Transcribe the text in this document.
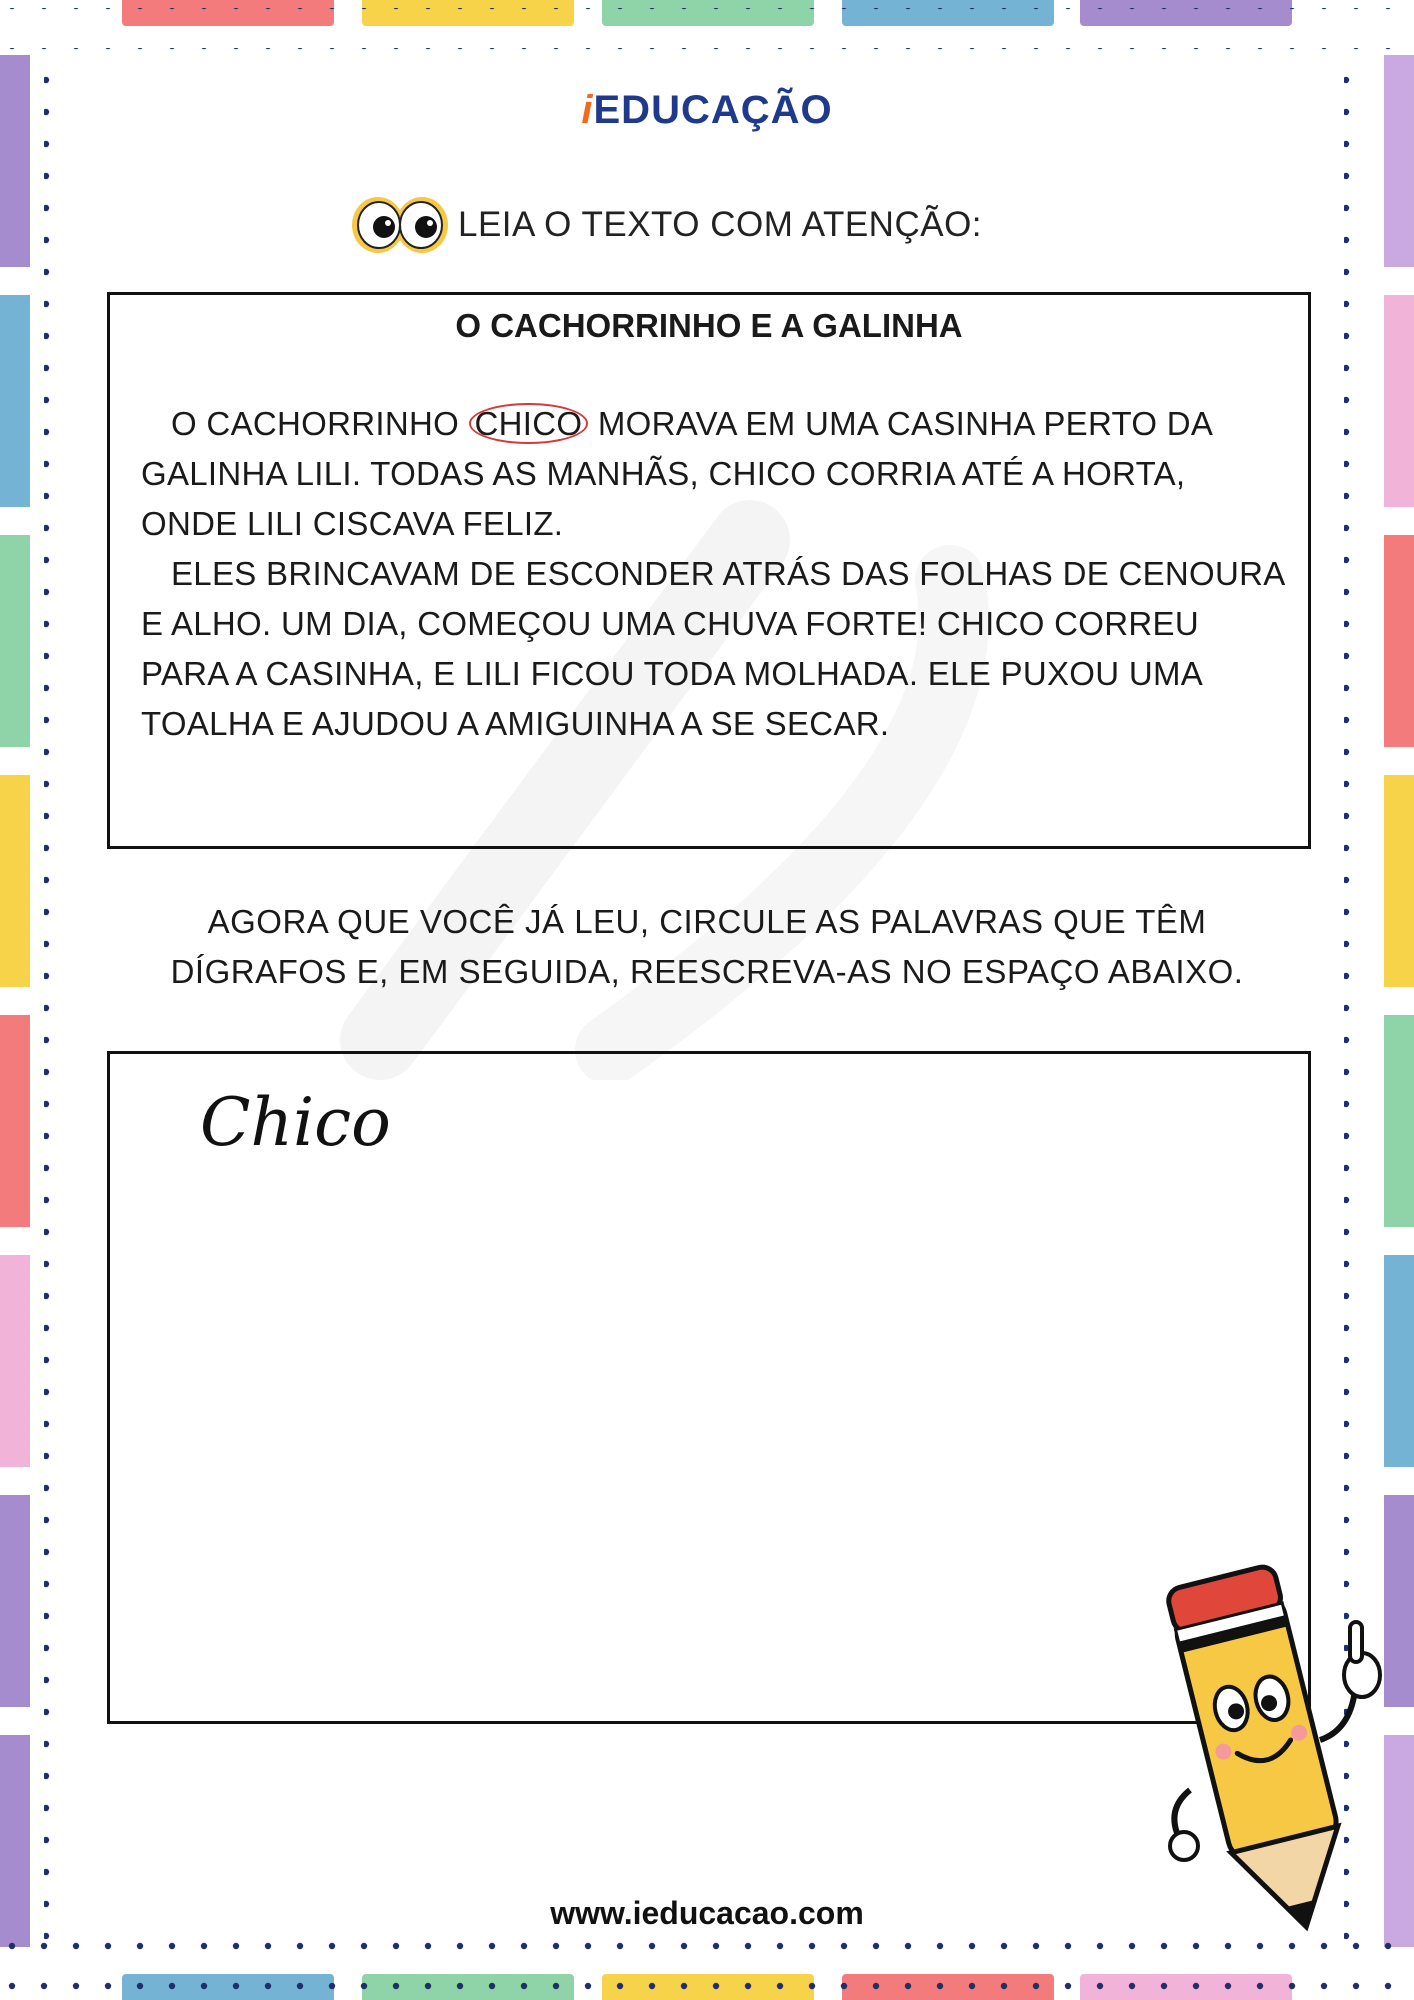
iEDUCAÇÃO
LEIA O TEXTO COM ATENÇÃO:
O CACHORRINHO E A GALINHA

O CACHORRINHO CHICO MORAVA EM UMA CASINHA PERTO DA GALINHA LILI. TODAS AS MANHÃS, CHICO CORRIA ATÉ A HORTA, ONDE LILI CISCAVA FELIZ.

ELES BRINCAVAM DE ESCONDER ATRÁS DAS FOLHAS DE CENOURA E ALHO. UM DIA, COMEÇOU UMA CHUVA FORTE! CHICO CORREU PARA A CASINHA, E LILI FICOU TODA MOLHADA. ELE PUXOU UMA TOALHA E AJUDOU A AMIGUINHA A SE SECAR.

AGORA QUE VOCÊ JÁ LEU, CIRCULE AS PALAVRAS QUE TÊM DÍGRAFOS E, EM SEGUIDA, REESCREVA-AS NO ESPAÇO ABAIXO.
Chico
www.ieducacao.com
